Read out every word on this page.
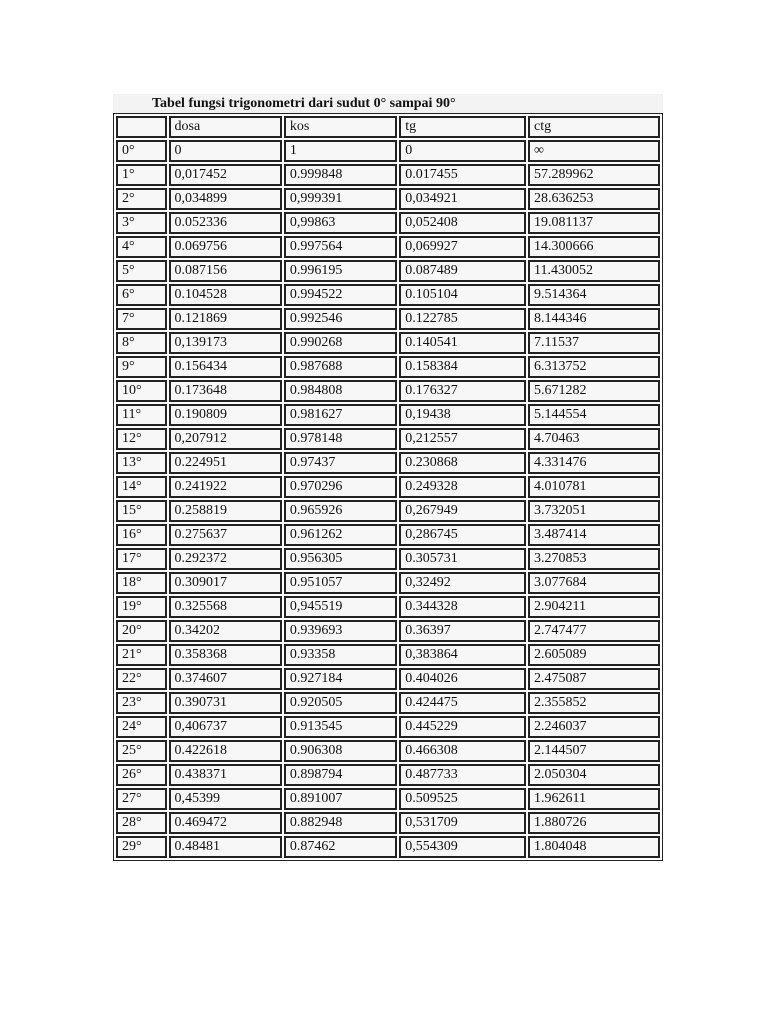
Tabel fungsi trigonometri dari sudut 0° sampai 90°
	dosa	kos	tg	ctg
0°	0	1	0	∞
1°	0,017452	0.999848	0.017455	57.289962
2°	0,034899	0,999391	0,034921	28.636253
3°	0.052336	0,99863	0,052408	19.081137
4°	0.069756	0.997564	0,069927	14.300666
5°	0.087156	0.996195	0.087489	11.430052
6°	0.104528	0.994522	0.105104	9.514364
7°	0.121869	0.992546	0.122785	8.144346
8°	0,139173	0.990268	0.140541	7.11537
9°	0.156434	0.987688	0.158384	6.313752
10°	0.173648	0.984808	0.176327	5.671282
11°	0.190809	0.981627	0,19438	5.144554
12°	0,207912	0.978148	0,212557	4.70463
13°	0.224951	0.97437	0.230868	4.331476
14°	0.241922	0.970296	0.249328	4.010781
15°	0.258819	0.965926	0,267949	3.732051
16°	0.275637	0.961262	0,286745	3.487414
17°	0.292372	0.956305	0.305731	3.270853
18°	0.309017	0.951057	0,32492	3.077684
19°	0.325568	0,945519	0.344328	2.904211
20°	0.34202	0.939693	0.36397	2.747477
21°	0.358368	0.93358	0,383864	2.605089
22°	0.374607	0.927184	0.404026	2.475087
23°	0.390731	0.920505	0.424475	2.355852
24°	0,406737	0.913545	0.445229	2.246037
25°	0.422618	0.906308	0.466308	2.144507
26°	0.438371	0.898794	0.487733	2.050304
27°	0,45399	0.891007	0.509525	1.962611
28°	0.469472	0.882948	0,531709	1.880726
29°	0.48481	0.87462	0,554309	1.804048
